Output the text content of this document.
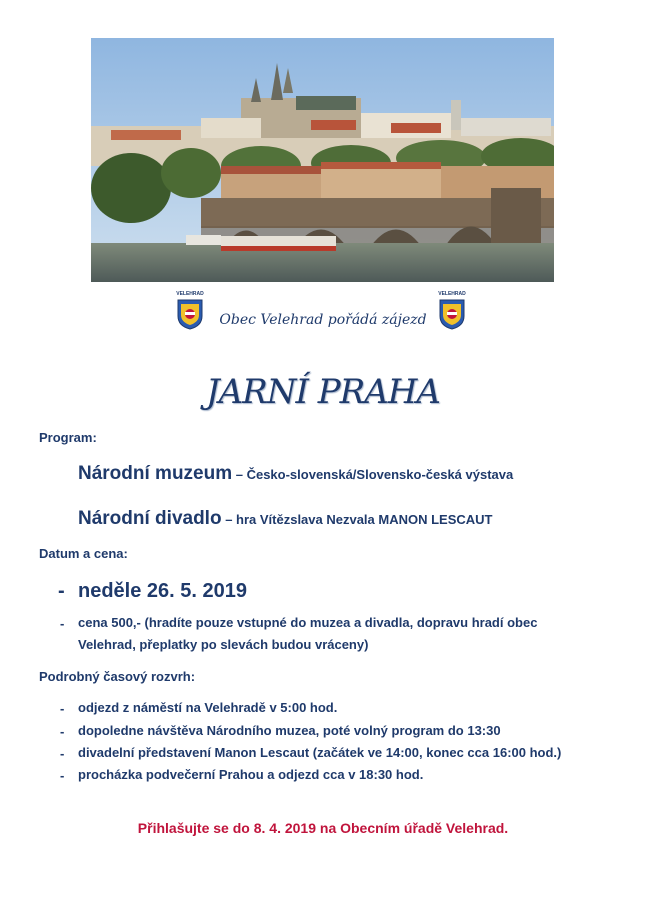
VELEHRAD
Obec Velehrad pořádá zájezd
VELEHRAD
JARNÍ PRAHA
Program:
Národní muzeum – Česko-slovenská/Slovensko-česká výstava
Národní divadlo – hra Vítězslava Nezvala MANON LESCAUT
Datum a cena:
- neděle 26. 5. 2019
- cena 500,- (hradíte pouze vstupné do muzea a divadla, dopravu hradí obec
Velehrad, přeplatky po slevách budou vráceny)
Podrobný časový rozvrh:
- odjezd z náměstí na Velehradě v 5:00 hod.
- dopoledne návštěva Národního muzea, poté volný program do 13:30
- divadelní představení Manon Lescaut (začátek ve 14:00, konec cca 16:00 hod.)
- procházka podvečerní Prahou a odjezd cca v 18:30 hod.
Přihlašujte se do 8. 4. 2019 na Obecním úřadě Velehrad.
